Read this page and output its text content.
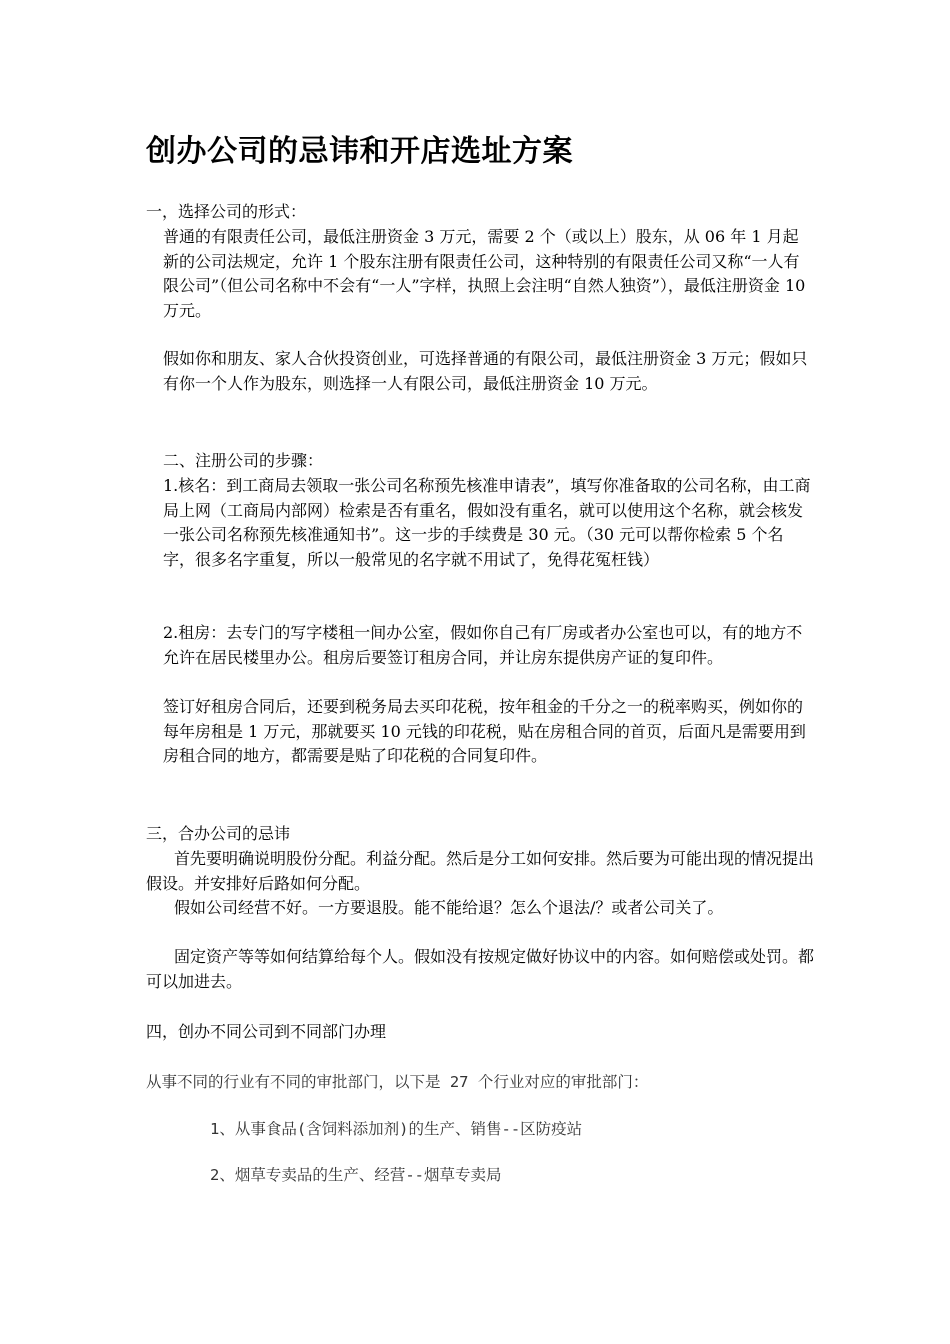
创办公司的忌讳和开店选址方案

一，选择公司的形式：

普通的有限责任公司，最低注册资金 3 万元，需要 2 个（或以上）股东，从 06 年 1 月起新的公司法规定，允许 1 个股东注册有限责任公司，这种特别的有限责任公司又称“一人有限公司”（但公司名称中不会有“一人”字样，执照上会注明“自然人独资”），最低注册资金 10 万元。

假如你和朋友、家人合伙投资创业，可选择普通的有限公司，最低注册资金 3 万元；假如只有你一个人作为股东，则选择一人有限公司，最低注册资金 10 万元。

二、注册公司的步骤：

1.核名：到工商局去领取一张公司名称预先核准申请表”，填写你准备取的公司名称，由工商局上网（工商局内部网）检索是否有重名，假如没有重名，就可以使用这个名称，就会核发一张公司名称预先核准通知书”。这一步的手续费是 30 元。（30 元可以帮你检索 5 个名字，很多名字重复，所以一般常见的名字就不用试了，免得花冤枉钱）

2.租房：去专门的写字楼租一间办公室，假如你自己有厂房或者办公室也可以，有的地方不允许在居民楼里办公。租房后要签订租房合同，并让房东提供房产证的复印件。

签订好租房合同后，还要到税务局去买印花税，按年租金的千分之一的税率购买，例如你的每年房租是 1 万元，那就要买 10 元钱的印花税，贴在房租合同的首页，后面凡是需要用到房租合同的地方，都需要是贴了印花税的合同复印件。

三，合办公司的忌讳

首先要明确说明股份分配。利益分配。然后是分工如何安排。然后要为可能出现的情况提出假设。并安排好后路如何分配。

假如公司经营不好。一方要退股。能不能给退？怎么个退法/？或者公司关了。

固定资产等等如何结算给每个人。假如没有按规定做好协议中的内容。如何赔偿或处罚。都可以加进去。

四，创办不同公司到不同部门办理

从事不同的行业有不同的审批部门，以下是 27 个行业对应的审批部门：

1、从事食品(含饲料添加剂)的生产、销售--区防疫站

2、烟草专卖品的生产、经营--烟草专卖局
